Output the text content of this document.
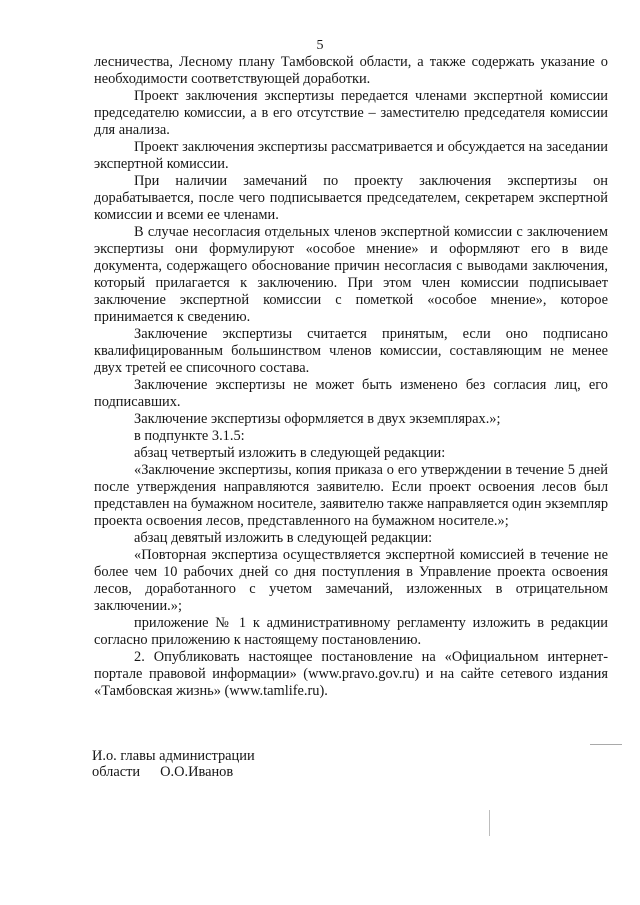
5

лесничества, Лесному плану Тамбовской области, а также содержать указание о необходимости соответствующей доработки.

Проект заключения экспертизы передается членами экспертной комиссии председателю комиссии, а в его отсутствие – заместителю председателя комиссии для анализа.

Проект заключения экспертизы рассматривается и обсуждается на заседании экспертной комиссии.

При наличии замечаний по проекту заключения экспертизы он дорабатывается, после чего подписывается председателем, секретарем экспертной комиссии и всеми ее членами.

В случае несогласия отдельных членов экспертной комиссии с заключением экспертизы они формулируют «особое мнение» и оформляют его в виде документа, содержащего обоснование причин несогласия с выводами заключения, который прилагается к заключению. При этом член комиссии подписывает заключение экспертной комиссии с пометкой «особое мнение», которое принимается к сведению.

Заключение экспертизы считается принятым, если оно подписано квалифицированным большинством членов комиссии, составляющим не менее двух третей ее списочного состава.

Заключение экспертизы не может быть изменено без согласия лиц, его подписавших.

Заключение экспертизы оформляется в двух экземплярах.»;

в подпункте 3.1.5:

абзац четвертый изложить в следующей редакции:

«Заключение экспертизы, копия приказа о его утверждении в течение 5 дней после утверждения направляются заявителю. Если проект освоения лесов был представлен на бумажном носителе, заявителю также направляется один экземпляр проекта освоения лесов, представленного на бумажном носителе.»;

абзац девятый изложить в следующей редакции:

«Повторная экспертиза осуществляется экспертной комиссией в течение не более чем 10 рабочих дней со дня поступления в Управление проекта освоения лесов, доработанного с учетом замечаний, изложенных в отрицательном заключении.»;

приложение № 1 к административному регламенту изложить в редакции согласно приложению к настоящему постановлению.

2. Опубликовать настоящее постановление на «Официальном интернет-портале правовой информации» (www.pravo.gov.ru) и на сайте сетевого издания «Тамбовская жизнь» (www.tamlife.ru).

И.о. главы администрации
области О.О.Иванов
